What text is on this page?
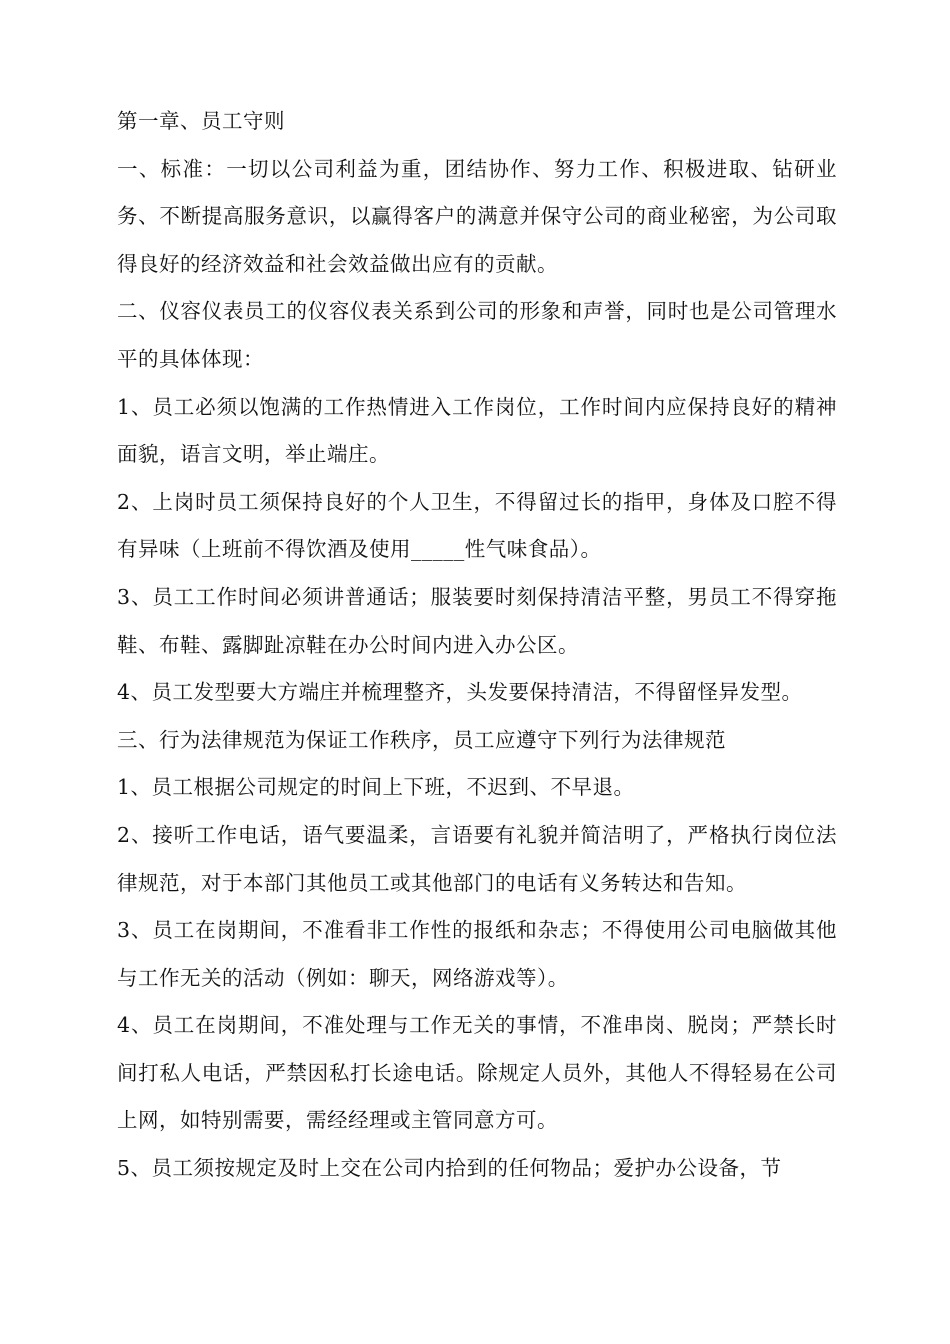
第一章、员工守则

一、标准：一切以公司利益为重，团结协作、努力工作、积极进取、钻研业务、不断提高服务意识，以赢得客户的满意并保守公司的商业秘密，为公司取得良好的经济效益和社会效益做出应有的贡献。

二、仪容仪表员工的仪容仪表关系到公司的形象和声誉，同时也是公司管理水平的具体体现：

1、员工必须以饱满的工作热情进入工作岗位，工作时间内应保持良好的精神面貌，语言文明，举止端庄。

2、上岗时员工须保持良好的个人卫生，不得留过长的指甲，身体及口腔不得有异味（上班前不得饮酒及使用_____性气味食品）。

3、员工工作时间必须讲普通话；服装要时刻保持清洁平整，男员工不得穿拖鞋、布鞋、露脚趾凉鞋在办公时间内进入办公区。

4、员工发型要大方端庄并梳理整齐，头发要保持清洁，不得留怪异发型。

三、行为法律规范为保证工作秩序，员工应遵守下列行为法律规范

1、员工根据公司规定的时间上下班，不迟到、不早退。

2、接听工作电话，语气要温柔，言语要有礼貌并简洁明了，严格执行岗位法律规范，对于本部门其他员工或其他部门的电话有义务转达和告知。

3、员工在岗期间，不准看非工作性的报纸和杂志；不得使用公司电脑做其他与工作无关的活动（例如：聊天，网络游戏等）。

4、员工在岗期间，不准处理与工作无关的事情，不准串岗、脱岗；严禁长时间打私人电话，严禁因私打长途电话。除规定人员外，其他人不得轻易在公司上网，如特别需要，需经经理或主管同意方可。

5、员工须按规定及时上交在公司内拾到的任何物品；爱护办公设备，节
